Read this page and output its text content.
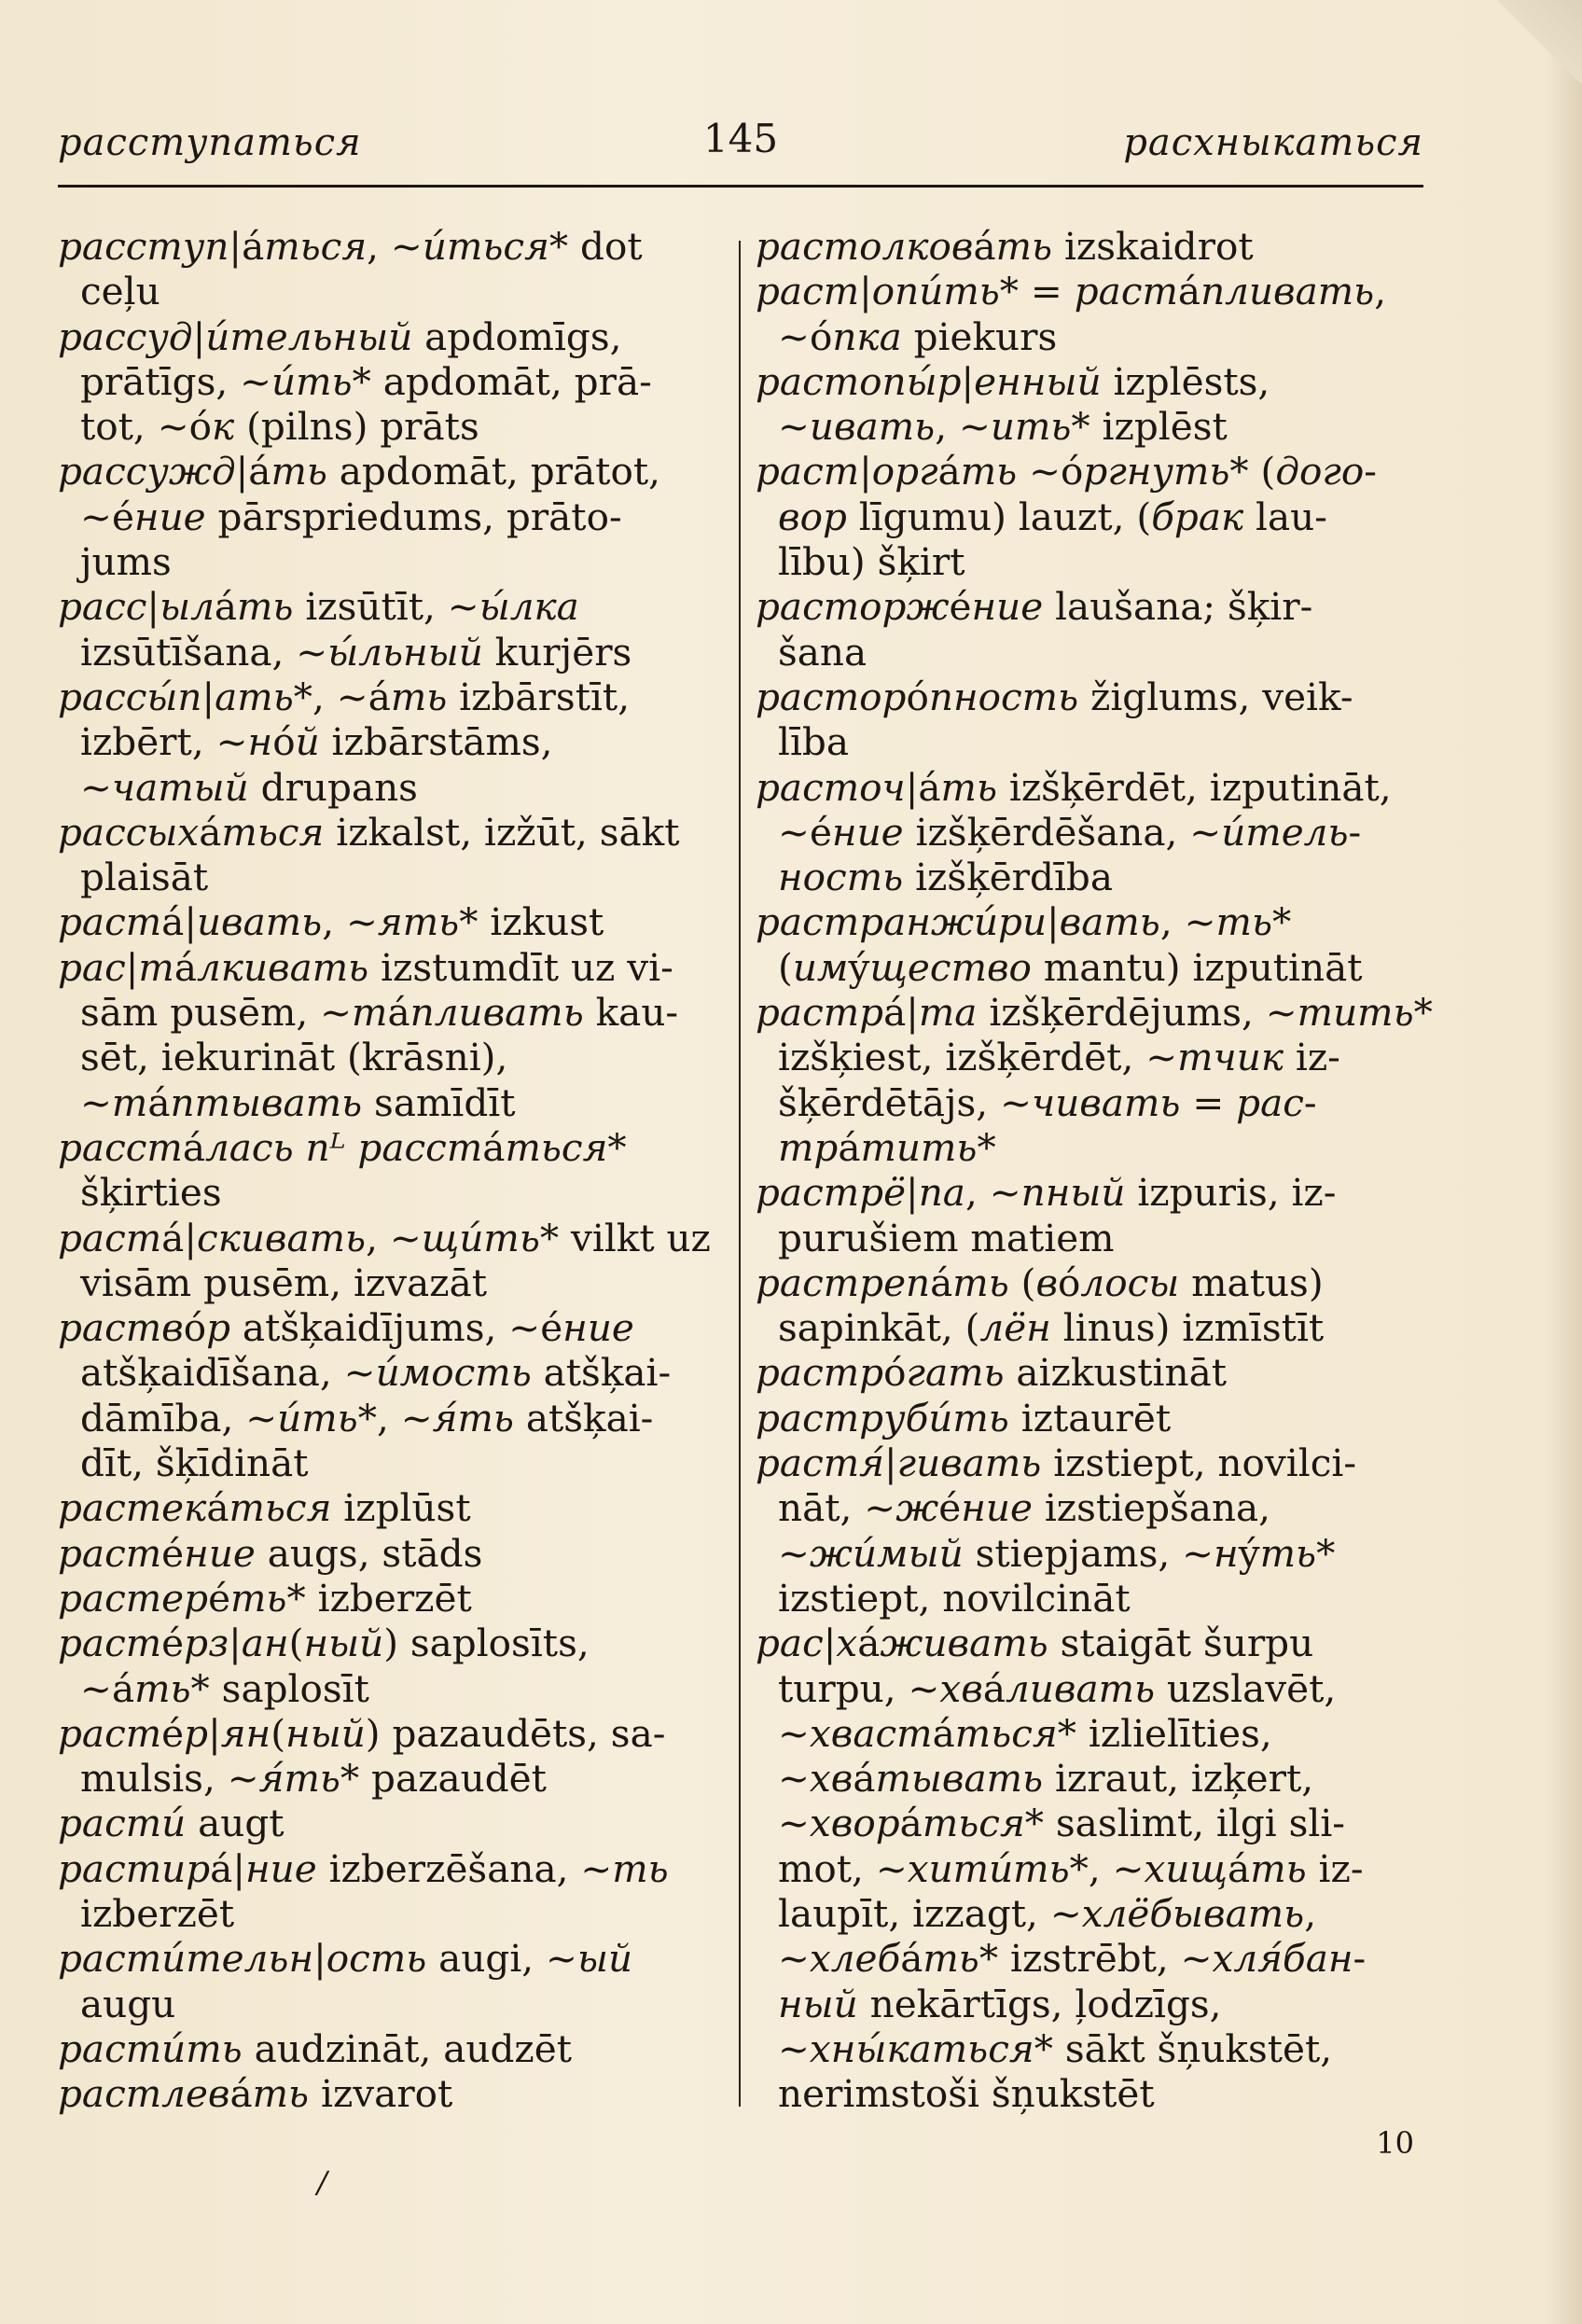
расступаться	145	расхныкаться
расступ|áться, ~и́ться* dot
ceļu
рассуд|и́тельный apdomīgs,
prātīgs, ~и́ть* apdomāt, prā-
tot, ~óк (pilns) prāts
рассужд|áть apdomāt, prātot,
~éние pārspriedums, prāto-
jums
расс|ылáть izsūtīt, ~ы́лка
izsūtīšana, ~ы́льный kurjērs
рассы́п|ать*, ~áть izbārstīt,
izbērt, ~нóй izbārstāms,
~чатый drupans
рассыхáться izkalst, izžūt, sākt
plaisāt
растá|ивать, ~ять* izkust
рас|тáлкивать izstumdīt uz vi-
sām pusēm, ~тáпливать kau-
sēt, iekurināt (krāsni),
~тáптывать samīdīt
расстáлась пᴸ расстáться*
šķirties
растá|скивать, ~щи́ть* vilkt uz
visām pusēm, izvazāt
раствóр atšķaidījums, ~éние
atšķaidīšana, ~и́мость atšķai-
dāmība, ~и́ть*, ~я́ть atšķai-
dīt, šķīdināt
растекáться izplūst
растéние augs, stāds
растерéть* izberzēt
растéрз|ан(ный) saplosīts,
~áть* saplosīt
растéр|ян(ный) pazaudēts, sa-
mulsis, ~я́ть* pazaudēt
расти́ augt
растирá|ние izberzēšana, ~ть
izberzēt
расти́тельн|ость augi, ~ый
augu
расти́ть audzināt, audzēt
растлевáть izvarot
растолковáть izskaidrot
раст|опи́ть* = растáпливать,
~óпка piekurs
растопы́р|енный izplēsts,
~ивать, ~ить* izplēst
раст|оргáть ~óргнуть* (дого-
вор līgumu) lauzt, (брак lau-
lību) šķirt
расторжéние laušana; šķir-
šana
расторóпность žiglums, veik-
lība
расточ|áть izšķērdēt, izputināt,
~éние izšķērdēšana, ~и́тель-
ность izšķērdība
растранжи́ри|вать, ~ть*
(имýщество mantu) izputināt
растрá|та izšķērdējums, ~тить*
izšķiest, izšķērdēt, ~тчик iz-
šķērdētājs, ~чивать = рас-
трáтить*
растрё|па, ~пный izpuris, iz-
purušiem matiem
растрепáть (вóлосы matus)
sapinkāt, (лён linus) izmīstīt
растрóгать aizkustināt
раструби́ть iztaurēt
растя́|гивать izstiept, novilci-
nāt, ~жéние izstiepšana,
~жи́мый stiepjams, ~нýть*
izstiept, novilcināt
рас|хáживать staigāt šurpu
turpu, ~хвáливать uzslavēt,
~хвастáться* izlielīties,
~хвáтывать izraut, izķert,
~хворáться* saslimt, ilgi sli-
mot, ~хити́ть*, ~хищáть iz-
laupīt, izzagt, ~хлёбывать,
~хлебáть* izstrēbt, ~хля́бан-
ный nekārtīgs, ļodzīgs,
~хны́каться* sākt šņukstēt,
nerimstoši šņukstēt
10
/
